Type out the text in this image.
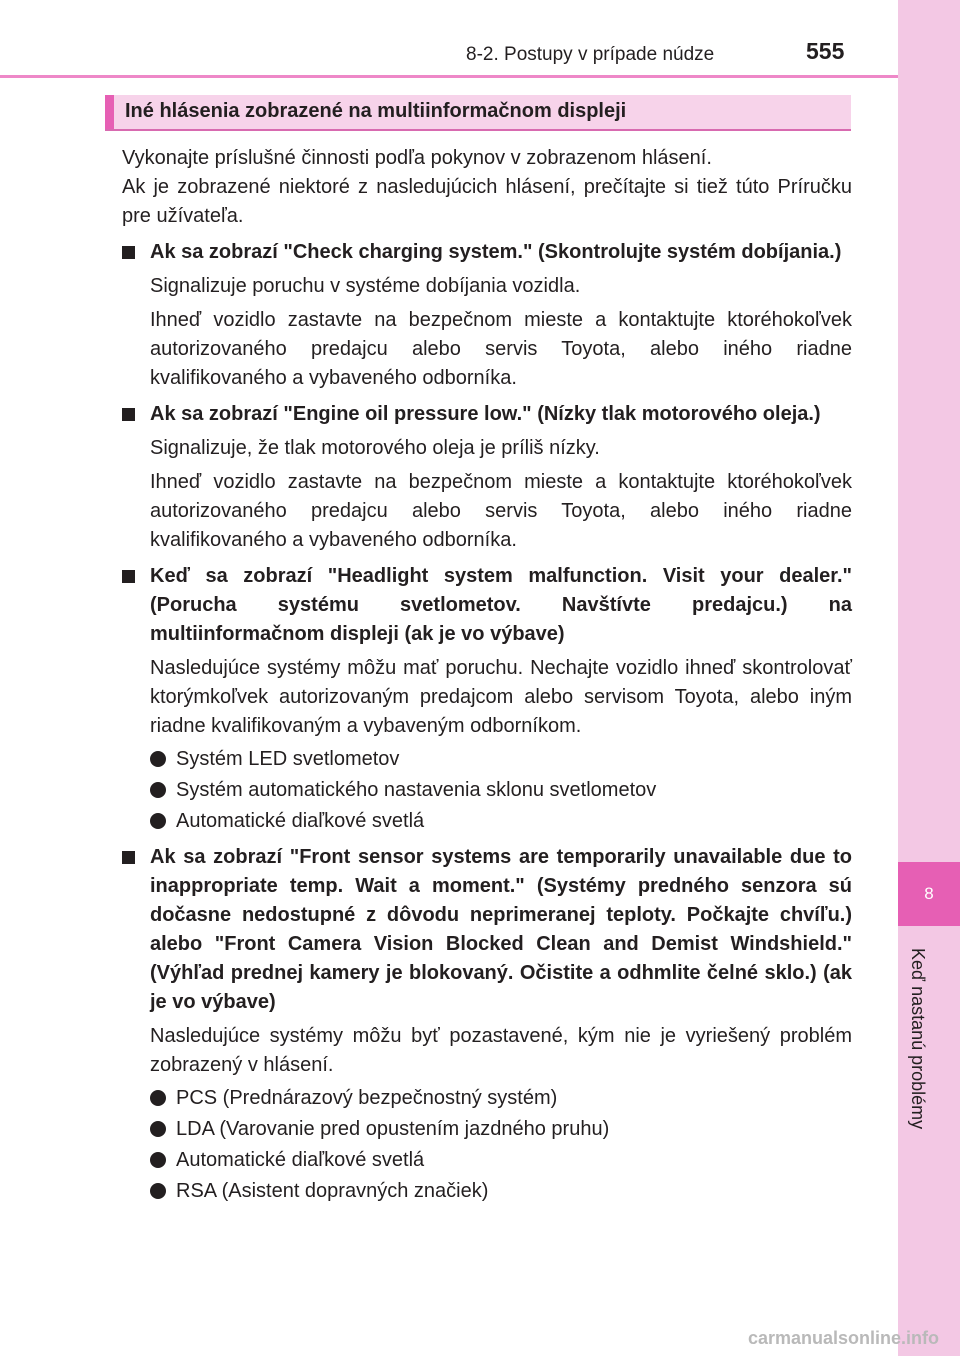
8-2. Postupy v prípade núdze	555
8
Keď nastanú problémy
Iné hlásenia zobrazené na multiinformačnom displeji

Vykonajte príslušné činnosti podľa pokynov v zobrazenom hlásení.

Ak je zobrazené niektoré z nasledujúcich hlásení, prečítajte si tiež túto Príručku pre užívateľa.

Ak sa zobrazí "Check charging system." (Skontrolujte systém dobíjania.)

Signalizuje poruchu v systéme dobíjania vozidla.

Ihneď vozidlo zastavte na bezpečnom mieste a kontaktujte ktoréhokoľvek autorizovaného predajcu alebo servis Toyota, alebo iného riadne kvalifikovaného a vybaveného odborníka.

Ak sa zobrazí "Engine oil pressure low." (Nízky tlak motorového oleja.)

Signalizuje, že tlak motorového oleja je príliš nízky.

Ihneď vozidlo zastavte na bezpečnom mieste a kontaktujte ktoréhokoľvek autorizovaného predajcu alebo servis Toyota, alebo iného riadne kvalifikovaného a vybaveného odborníka.

Keď sa zobrazí "Headlight system malfunction. Visit your dealer." (Porucha systému svetlometov. Navštívte predajcu.) na multiinformačnom displeji (ak je vo výbave)

Nasledujúce systémy môžu mať poruchu. Nechajte vozidlo ihneď skontrolovať ktorýmkoľvek autorizovaným predajcom alebo servisom Toyota, alebo iným riadne kvalifikovaným a vybaveným odborníkom.

Systém LED svetlometov
Systém automatického nastavenia sklonu svetlometov
Automatické diaľkové svetlá

Ak sa zobrazí "Front sensor systems are temporarily unavailable due to inappropriate temp. Wait a moment." (Systémy predného senzora sú dočasne nedostupné z dôvodu neprimeranej teploty. Počkajte chvíľu.) alebo "Front Camera Vision Blocked Clean and Demist Windshield." (Výhľad prednej kamery je blokovaný. Očistite a odhmlite čelné sklo.) (ak je vo výbave)

Nasledujúce systémy môžu byť pozastavené, kým nie je vyriešený problém zobrazený v hlásení.

PCS (Prednárazový bezpečnostný systém)
LDA (Varovanie pred opustením jazdného pruhu)
Automatické diaľkové svetlá
RSA (Asistent dopravných značiek)
carmanualsonline.info
